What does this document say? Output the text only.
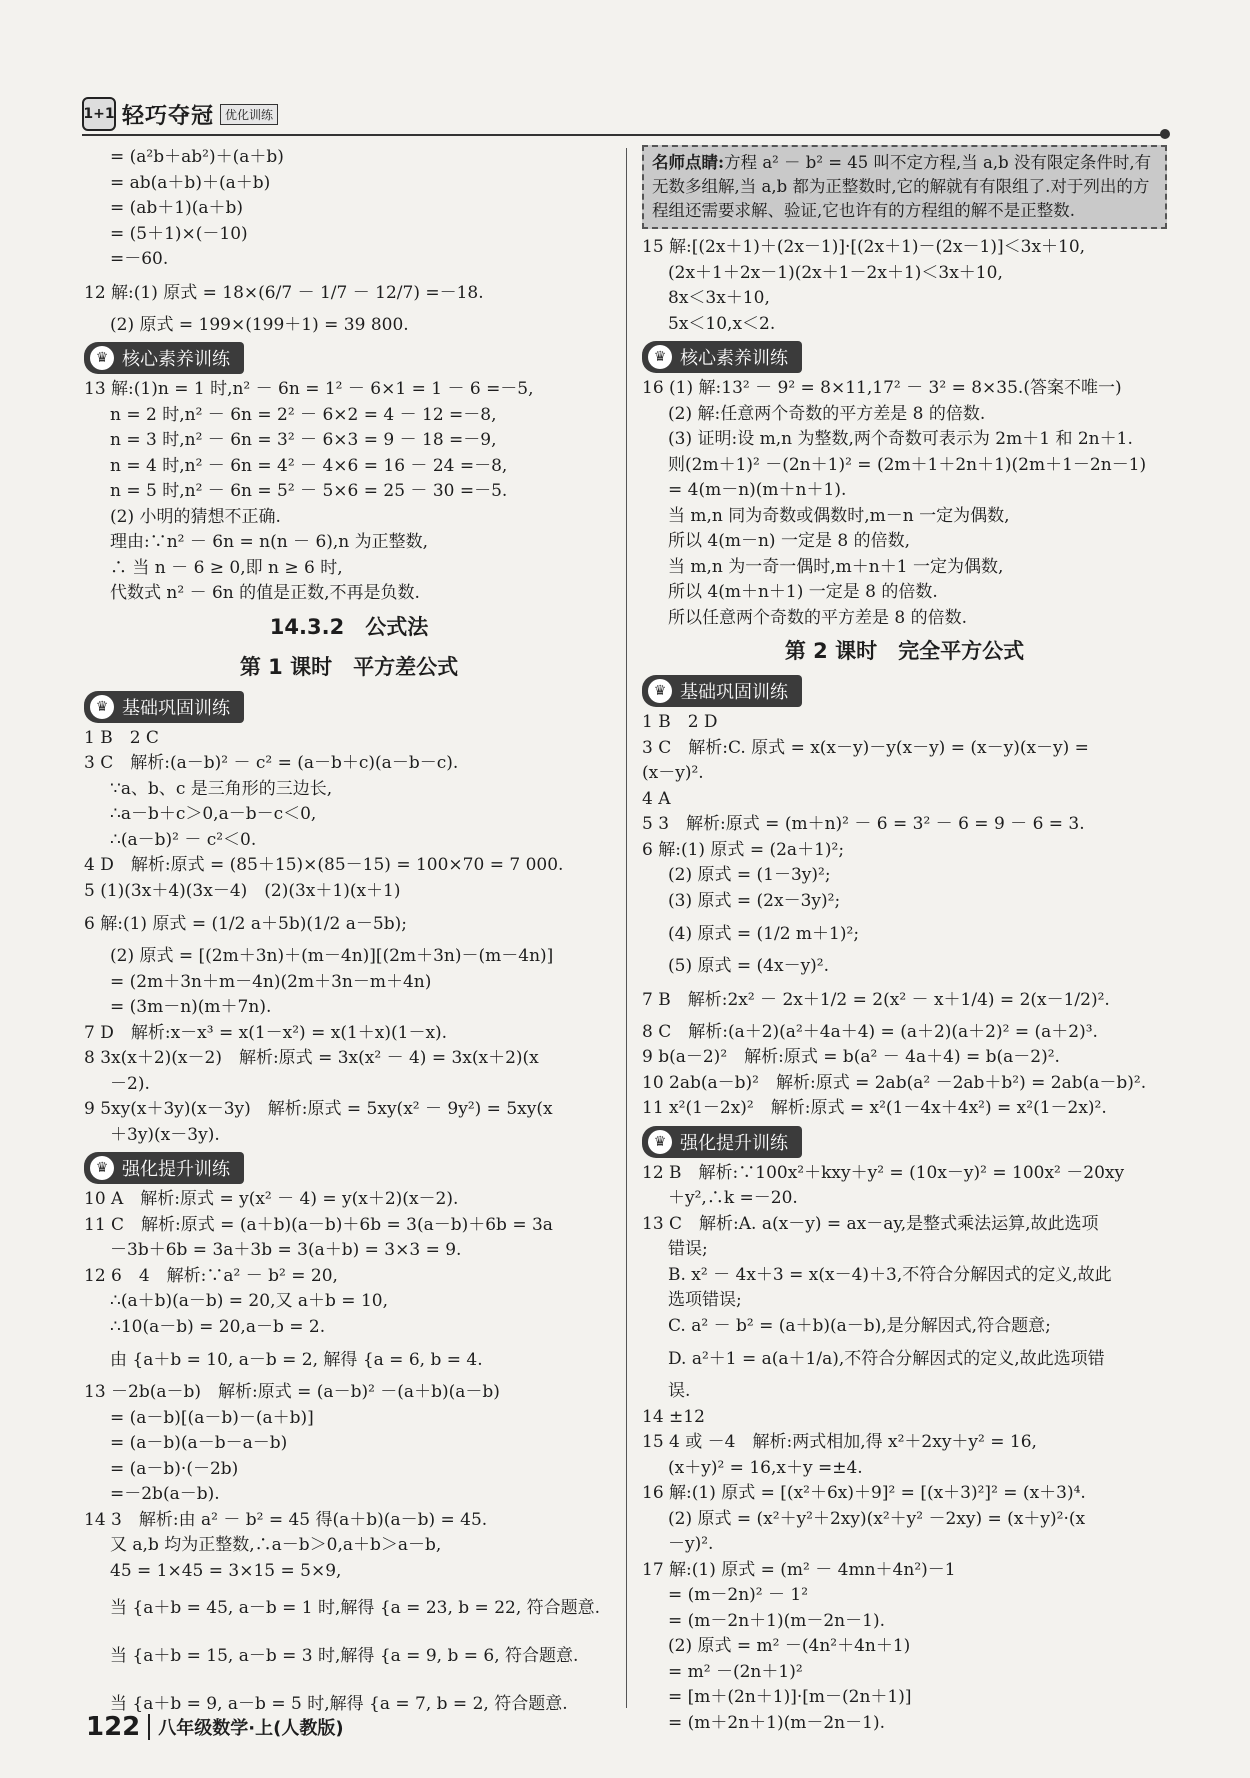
1+1 轻巧夺冠 优化训练
= (a²b＋ab²)＋(a＋b)
= ab(a＋b)＋(a＋b)
= (ab＋1)(a＋b)
= (5＋1)×(－10)
=－60.
12 解:(1) 原式 = 18×(6/7 － 1/7 － 12/7) =－18.
(2) 原式 = 199×(199＋1) = 39 800.
♛ 核心素养训练
13 解:(1)n = 1 时,n² － 6n = 1² － 6×1 = 1 － 6 =－5,
n = 2 时,n² － 6n = 2² － 6×2 = 4 － 12 =－8,
n = 3 时,n² － 6n = 3² － 6×3 = 9 － 18 =－9,
n = 4 时,n² － 6n = 4² － 4×6 = 16 － 24 =－8,
n = 5 时,n² － 6n = 5² － 5×6 = 25 － 30 =－5.
(2) 小明的猜想不正确.
理由:∵n² － 6n = n(n － 6),n 为正整数,
∴ 当 n － 6 ≥ 0,即 n ≥ 6 时,
代数式 n² － 6n 的值是正数,不再是负数.
14.3.2　公式法
第 1 课时　平方差公式
♛ 基础巩固训练
1 B　2 C
3 C　解析:(a－b)² － c² = (a－b＋c)(a－b－c).
∵a、b、c 是三角形的三边长,
∴a－b＋c＞0,a－b－c＜0,
∴(a－b)² － c²＜0.
4 D　解析:原式 = (85＋15)×(85－15) = 100×70 = 7 000.
5 (1)(3x＋4)(3x－4)　(2)(3x＋1)(x＋1)
6 解:(1) 原式 = (1/2 a＋5b)(1/2 a－5b);
(2) 原式 = [(2m＋3n)＋(m－4n)][(2m＋3n)－(m－4n)]
= (2m＋3n＋m－4n)(2m＋3n－m＋4n)
= (3m－n)(m＋7n).
7 D　解析:x－x³ = x(1－x²) = x(1＋x)(1－x).
8 3x(x＋2)(x－2)　解析:原式 = 3x(x² － 4) = 3x(x＋2)(x
－2).
9 5xy(x＋3y)(x－3y)　解析:原式 = 5xy(x² － 9y²) = 5xy(x
＋3y)(x－3y).
♛ 强化提升训练
10 A　解析:原式 = y(x² － 4) = y(x＋2)(x－2).
11 C　解析:原式 = (a＋b)(a－b)＋6b = 3(a－b)＋6b = 3a
－3b＋6b = 3a＋3b = 3(a＋b) = 3×3 = 9.
12 6　4　解析:∵a² － b² = 20,
∴(a＋b)(a－b) = 20,又 a＋b = 10,
∴10(a－b) = 20,a－b = 2.
由 {a＋b = 10, a－b = 2, 解得 {a = 6, b = 4.
13 －2b(a－b)　解析:原式 = (a－b)² －(a＋b)(a－b)
= (a－b)[(a－b)－(a＋b)]
= (a－b)(a－b－a－b)
= (a－b)·(－2b)
=－2b(a－b).
14 3　解析:由 a² － b² = 45 得(a＋b)(a－b) = 45.
又 a,b 均为正整数,∴a－b＞0,a＋b＞a－b,
45 = 1×45 = 3×15 = 5×9,
当 {a＋b = 45, a－b = 1 时,解得 {a = 23, b = 22, 符合题意.
当 {a＋b = 15, a－b = 3 时,解得 {a = 9, b = 6, 符合题意.
当 {a＋b = 9, a－b = 5 时,解得 {a = 7, b = 2, 符合题意.
名师点睛:方程 a² － b² = 45 叫不定方程,当 a,b 没有限定条件时,有无数多组解,当 a,b 都为正整数时,它的解就有有限组了.对于列出的方程组还需要求解、验证,它也许有的方程组的解不是正整数.
15 解:[(2x＋1)＋(2x－1)]·[(2x＋1)－(2x－1)]＜3x＋10,
(2x＋1＋2x－1)(2x＋1－2x＋1)＜3x＋10,
8x＜3x＋10,
5x＜10,x＜2.
♛ 核心素养训练
16 (1) 解:13² － 9² = 8×11,17² － 3² = 8×35.(答案不唯一)
(2) 解:任意两个奇数的平方差是 8 的倍数.
(3) 证明:设 m,n 为整数,两个奇数可表示为 2m＋1 和 2n＋1.
则(2m＋1)² －(2n＋1)² = (2m＋1＋2n＋1)(2m＋1－2n－1)
= 4(m－n)(m＋n＋1).
当 m,n 同为奇数或偶数时,m－n 一定为偶数,
所以 4(m－n) 一定是 8 的倍数,
当 m,n 为一奇一偶时,m＋n＋1 一定为偶数,
所以 4(m＋n＋1) 一定是 8 的倍数.
所以任意两个奇数的平方差是 8 的倍数.
第 2 课时　完全平方公式
♛ 基础巩固训练
1 B　2 D
3 C　解析:C. 原式 = x(x－y)－y(x－y) = (x－y)(x－y) =
(x－y)².
4 A
5 3　解析:原式 = (m＋n)² － 6 = 3² － 6 = 9 － 6 = 3.
6 解:(1) 原式 = (2a＋1)²;
(2) 原式 = (1－3y)²;
(3) 原式 = (2x－3y)²;
(4) 原式 = (1/2 m＋1)²;
(5) 原式 = (4x－y)².
7 B　解析:2x² － 2x＋1/2 = 2(x² － x＋1/4) = 2(x－1/2)².
8 C　解析:(a＋2)(a²＋4a＋4) = (a＋2)(a＋2)² = (a＋2)³.
9 b(a－2)²　解析:原式 = b(a² － 4a＋4) = b(a－2)².
10 2ab(a－b)²　解析:原式 = 2ab(a² －2ab＋b²) = 2ab(a－b)².
11 x²(1－2x)²　解析:原式 = x²(1－4x＋4x²) = x²(1－2x)².
♛ 强化提升训练
12 B　解析:∵100x²＋kxy＋y² = (10x－y)² = 100x² －20xy
＋y²,∴k =－20.
13 C　解析:A. a(x－y) = ax－ay,是整式乘法运算,故此选项
错误;
B. x² － 4x＋3 = x(x－4)＋3,不符合分解因式的定义,故此
选项错误;
C. a² － b² = (a＋b)(a－b),是分解因式,符合题意;
D. a²＋1 = a(a＋1/a),不符合分解因式的定义,故此选项错
误.
14 ±12
15 4 或 －4　解析:两式相加,得 x²＋2xy＋y² = 16,
(x＋y)² = 16,x＋y =±4.
16 解:(1) 原式 = [(x²＋6x)＋9]² = [(x＋3)²]² = (x＋3)⁴.
(2) 原式 = (x²＋y²＋2xy)(x²＋y² －2xy) = (x＋y)²·(x
－y)².
17 解:(1) 原式 = (m² － 4mn＋4n²)－1
= (m－2n)² － 1²
= (m－2n＋1)(m－2n－1).
(2) 原式 = m² －(4n²＋4n＋1)
= m² －(2n＋1)²
= [m＋(2n＋1)]·[m－(2n＋1)]
= (m＋2n＋1)(m－2n－1).
122 八年级数学·上(人教版)
